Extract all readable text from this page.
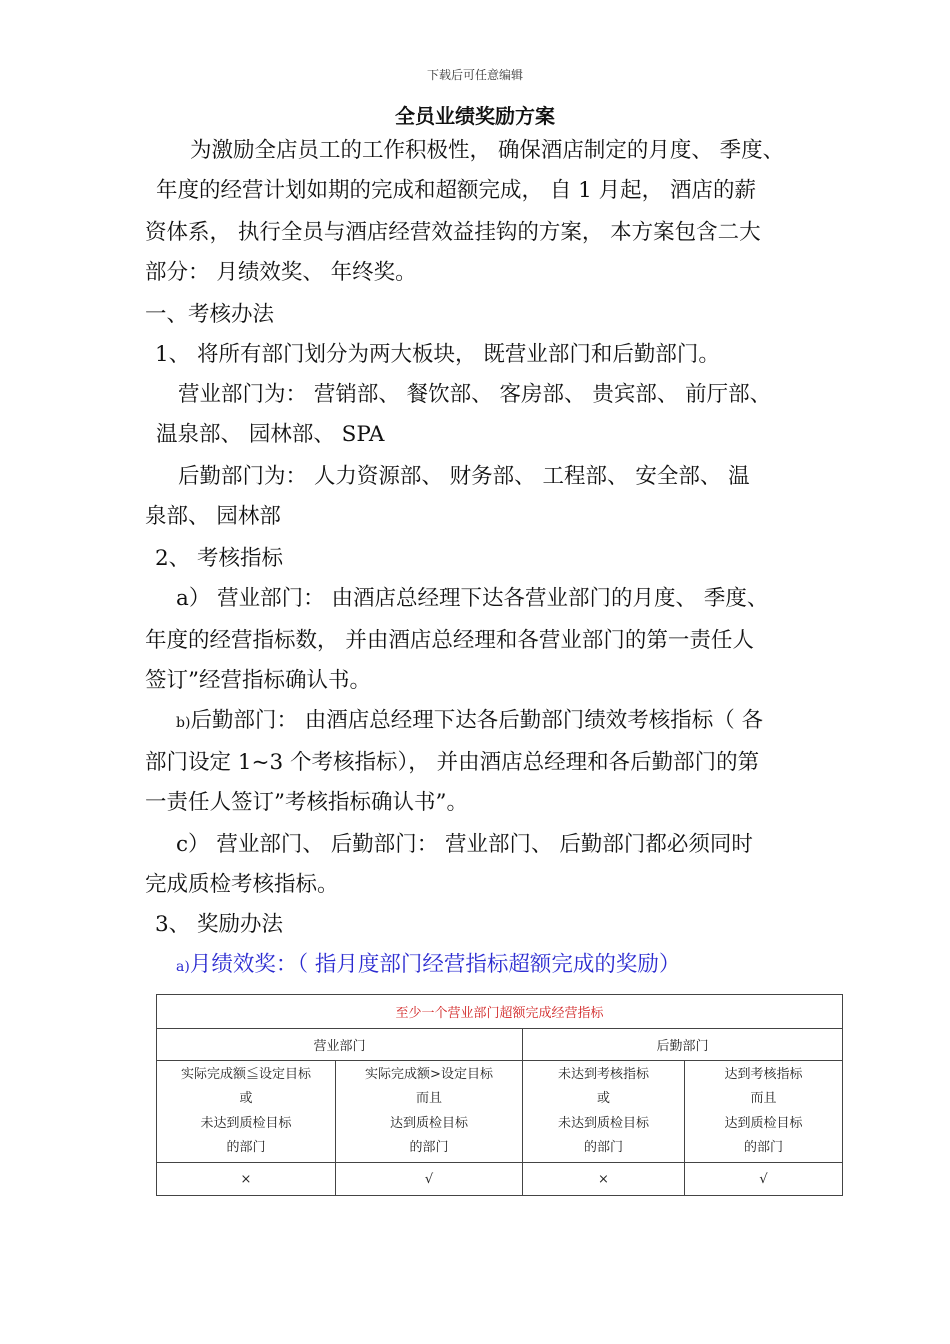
下载后可任意编辑
全员业绩奖励方案
为激励全店员工的工作积极性， 确保酒店制定的月度、 季度、
年度的经营计划如期的完成和超额完成， 自 1 月起， 酒店的薪
资体系， 执行全员与酒店经营效益挂钩的方案， 本方案包含二大
部分： 月绩效奖、 年终奖。
一、考核办法
1、 将所有部门划分为两大板块， 既营业部门和后勤部门。
营业部门为： 营销部、 餐饮部、 客房部、 贵宾部、 前厅部、
温泉部、 园林部、 SPA
后勤部门为： 人力资源部、 财务部、 工程部、 安全部、 温
泉部、 园林部
2、 考核指标
a） 营业部门： 由酒店总经理下达各营业部门的月度、 季度、
年度的经营指标数， 并由酒店总经理和各营业部门的第一责任人
签订”经营指标确认书。
b)后勤部门： 由酒店总经理下达各后勤部门绩效考核指标（ 各
部门设定 1~3 个考核指标）， 并由酒店总经理和各后勤部门的第
一责任人签订”考核指标确认书”。
c） 营业部门、 后勤部门： 营业部门、 后勤部门都必须同时
完成质检考核指标。
3、 奖励办法
a)月绩效奖：（ 指月度部门经营指标超额完成的奖励）
至少一个营业部门超额完成经营指标			
营业部门		后勤部门	

实际完成额≦设定目标
或
未达到质检目标
的部门	实际完成额>设定目标
而且
达到质检目标
的部门	未达到考核指标
或
未达到质检目标
的部门	达到考核指标
而且
达到质检目标
的部门

×	√	×	√
